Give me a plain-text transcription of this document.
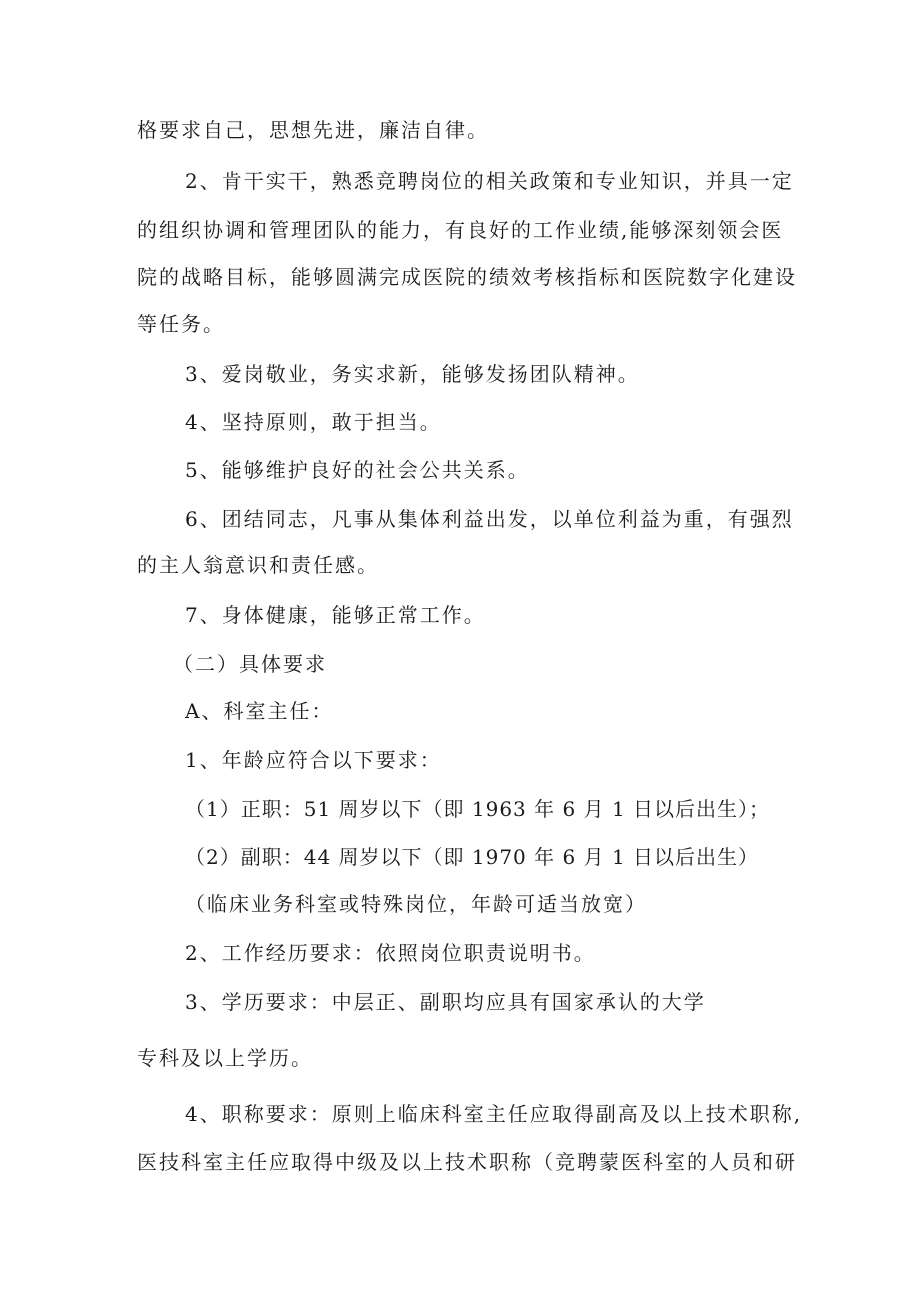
格要求自己，思想先进，廉洁自律。
2、肯干实干，熟悉竞聘岗位的相关政策和专业知识，并具一定
的组织协调和管理团队的能力，有良好的工作业绩,能够深刻领会医
院的战略目标，能够圆满完成医院的绩效考核指标和医院数字化建设
等任务。
3、爱岗敬业，务实求新，能够发扬团队精神。
4、坚持原则，敢于担当。
5、能够维护良好的社会公共关系。
6、团结同志，凡事从集体利益出发，以单位利益为重，有强烈
的主人翁意识和责任感。
7、身体健康，能够正常工作。
（二）具体要求
A、科室主任：
1、年龄应符合以下要求：
（1）正职：51 周岁以下（即 1963 年 6 月 1 日以后出生）；
（2）副职：44 周岁以下（即 1970 年 6 月 1 日以后出生）
（临床业务科室或特殊岗位，年龄可适当放宽）
2、工作经历要求：依照岗位职责说明书。
3、学历要求：中层正、副职均应具有国家承认的大学
专科及以上学历。
4、职称要求：原则上临床科室主任应取得副高及以上技术职称,
医技科室主任应取得中级及以上技术职称（竞聘蒙医科室的人员和研
